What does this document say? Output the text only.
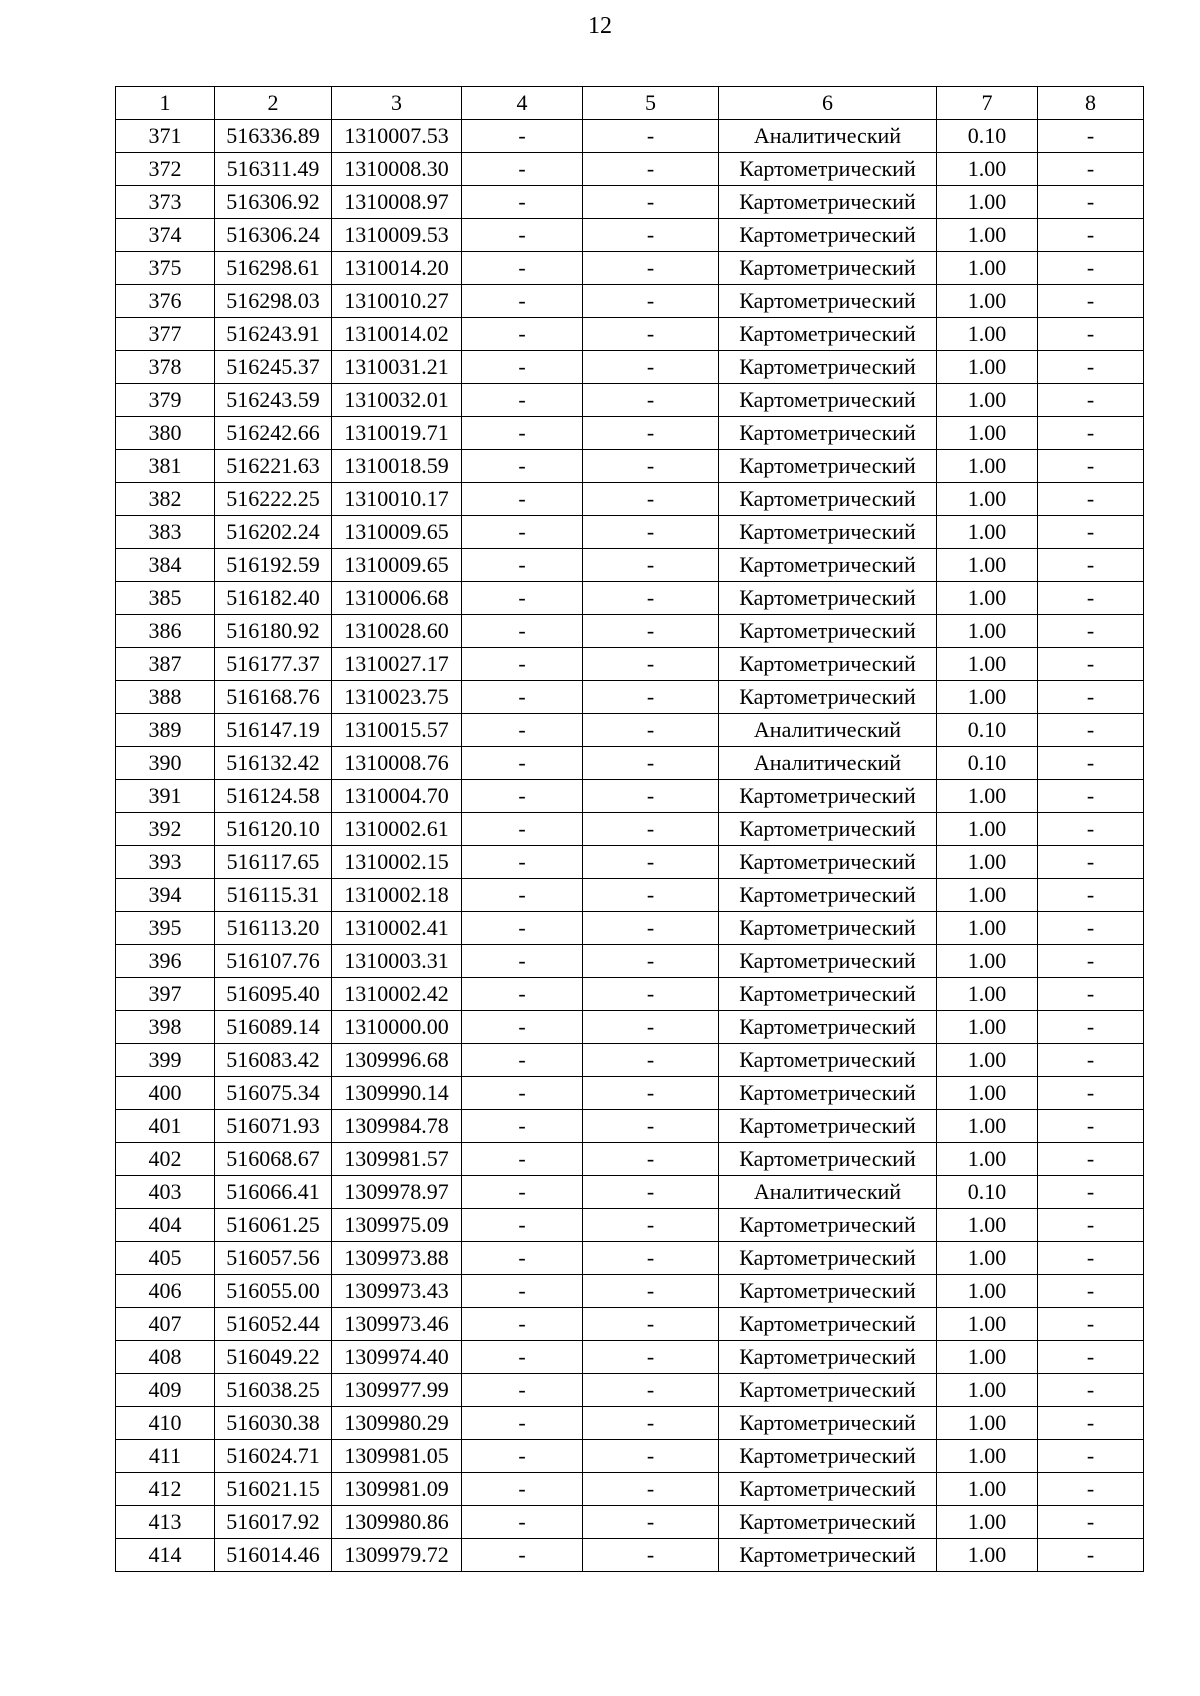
12
1	2	3	4	5	6	7	8
371	516336.89	1310007.53	-	-	Аналитический	0.10	-
372	516311.49	1310008.30	-	-	Картометрический	1.00	-
373	516306.92	1310008.97	-	-	Картометрический	1.00	-
374	516306.24	1310009.53	-	-	Картометрический	1.00	-
375	516298.61	1310014.20	-	-	Картометрический	1.00	-
376	516298.03	1310010.27	-	-	Картометрический	1.00	-
377	516243.91	1310014.02	-	-	Картометрический	1.00	-
378	516245.37	1310031.21	-	-	Картометрический	1.00	-
379	516243.59	1310032.01	-	-	Картометрический	1.00	-
380	516242.66	1310019.71	-	-	Картометрический	1.00	-
381	516221.63	1310018.59	-	-	Картометрический	1.00	-
382	516222.25	1310010.17	-	-	Картометрический	1.00	-
383	516202.24	1310009.65	-	-	Картометрический	1.00	-
384	516192.59	1310009.65	-	-	Картометрический	1.00	-
385	516182.40	1310006.68	-	-	Картометрический	1.00	-
386	516180.92	1310028.60	-	-	Картометрический	1.00	-
387	516177.37	1310027.17	-	-	Картометрический	1.00	-
388	516168.76	1310023.75	-	-	Картометрический	1.00	-
389	516147.19	1310015.57	-	-	Аналитический	0.10	-
390	516132.42	1310008.76	-	-	Аналитический	0.10	-
391	516124.58	1310004.70	-	-	Картометрический	1.00	-
392	516120.10	1310002.61	-	-	Картометрический	1.00	-
393	516117.65	1310002.15	-	-	Картометрический	1.00	-
394	516115.31	1310002.18	-	-	Картометрический	1.00	-
395	516113.20	1310002.41	-	-	Картометрический	1.00	-
396	516107.76	1310003.31	-	-	Картометрический	1.00	-
397	516095.40	1310002.42	-	-	Картометрический	1.00	-
398	516089.14	1310000.00	-	-	Картометрический	1.00	-
399	516083.42	1309996.68	-	-	Картометрический	1.00	-
400	516075.34	1309990.14	-	-	Картометрический	1.00	-
401	516071.93	1309984.78	-	-	Картометрический	1.00	-
402	516068.67	1309981.57	-	-	Картометрический	1.00	-
403	516066.41	1309978.97	-	-	Аналитический	0.10	-
404	516061.25	1309975.09	-	-	Картометрический	1.00	-
405	516057.56	1309973.88	-	-	Картометрический	1.00	-
406	516055.00	1309973.43	-	-	Картометрический	1.00	-
407	516052.44	1309973.46	-	-	Картометрический	1.00	-
408	516049.22	1309974.40	-	-	Картометрический	1.00	-
409	516038.25	1309977.99	-	-	Картометрический	1.00	-
410	516030.38	1309980.29	-	-	Картометрический	1.00	-
411	516024.71	1309981.05	-	-	Картометрический	1.00	-
412	516021.15	1309981.09	-	-	Картометрический	1.00	-
413	516017.92	1309980.86	-	-	Картометрический	1.00	-
414	516014.46	1309979.72	-	-	Картометрический	1.00	-
